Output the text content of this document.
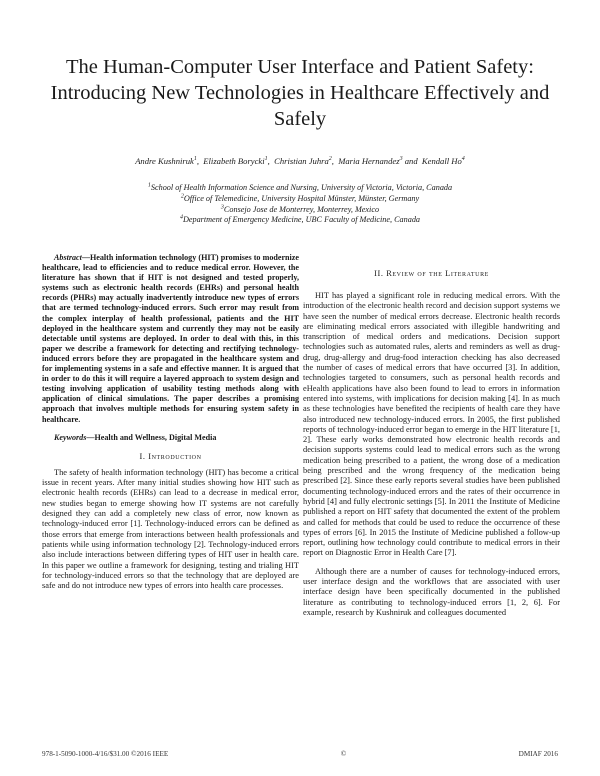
The Human-Computer User Interface and Patient Safety: Introducing New Technologies in Healthcare Effectively and Safely

Andre Kushniruk$^1$,  Elizabeth Borycki$^1$,  Christian Juhra$^2$,  Maria Hernandez$^3$ and  Kendall Ho$^4$

$^1$School of Health Information Science and Nursing, University of Victoria, Victoria, Canada
$^2$Office of Telemedicine, University Hospital Münster, Münster, Germany
$^3$Consejo Jose de Monterrey, Monterrey, Mexico
$^4$Department of Emergency Medicine, UBC Faculty of Medicine, Canada

Abstract—Health information technology (HIT) promises to modernize healthcare, lead to efficiencies and to reduce medical error. However, the literature has shown that if HIT is not designed and tested properly, systems such as electronic health records (EHRs) and personal health records (PHRs) may actually inadvertently introduce new types of errors that are termed technology-induced errors. Such error may result from the complex interplay of health professional, patients and the HIT deployed in the healthcare system and currently they may not be easily detectable until systems are deployed. In order to deal with this, in this paper we describe a framework for detecting and rectifying technology-induced errors before they are propagated in the healthcare system and for implementing systems in a safe and effective manner. It is argued that in order to do this it will require a layered approach to system design and testing involving application of usability testing methods along with application of clinical simulations. The paper describes a promising approach that involves multiple methods for ensuring system safety in healthcare.

Keywords—Health and Wellness, Digital Media

I. Introduction

The safety of health information technology (HIT) has become a critical issue in recent years. After many initial studies showing how HIT such as electronic health records (EHRs) can lead to a decrease in medical error, new studies began to emerge showing how IT systems are not carefully designed they can add a completely new class of error, now known as technology-induced error [1]. Technology-induced errors can be defined as those errors that emerge from interactions between health professionals and patients while using information technology [2]. Technology-induced errors also include interactions between differing types of HIT user in health care. In this paper we outline a framework for designing, testing and trialing HIT for technology-induced errors so that the technology that are deployed are safe and do not introduce new types of errors into health care processes.

II. Review of the Literature

HIT has played a significant role in reducing medical errors. With the introduction of the electronic health record and decision support systems we have seen the number of medical errors decrease. Electronic health records are eliminating medical errors associated with illegible handwriting and transcription of medical orders and medications. Decision support technologies such as automated rules, alerts and reminders as well as drug-drug, drug-allergy and drug-food interaction checking has also decreased the number of cases of medical errors that have occurred [3]. In addition, technologies targeted to consumers, such as personal health records and eHealth applications have also been found to lead to errors in information entered into systems, with implications for decision making [4]. In as much as these technologies have benefited the recipients of health care they have also introduced new technology-induced errors. In 2005, the first published reports of technology-induced error began to emerge in the HIT literature [1, 2]. These early works demonstrated how electronic health records and decision supports systems could lead to medical errors such as the wrong medication being prescribed to a patient, the wrong dose of a medication being prescribed and the wrong frequency of the medication being prescribed [2]. Since these early reports several studies have been published documenting technology-induced errors and the rates of their occurrence in hybrid [4] and fully electronic settings [5]. In 2011 the Institute of Medicine published a report on HIT safety that documented the extent of the problem and called for methods that could be used to reduce the occurrence of these types of errors [6]. In 2015 the Institute of Medicine published a follow-up report, outlining how technology could contribute to medical errors in their report on Diagnostic Error in Health Care [7].

Although there are a number of causes for technology-induced errors, user interface design and the workflows that are associated with user interface design have been specifically documented in the published literature as contributing to technology-induced errors [1, 2, 6]. For example, research by Kushniruk and colleagues documented

978-1-5090-1000-4/16/$31.00 ©2016 IEEE	©	DMIAF 2016
